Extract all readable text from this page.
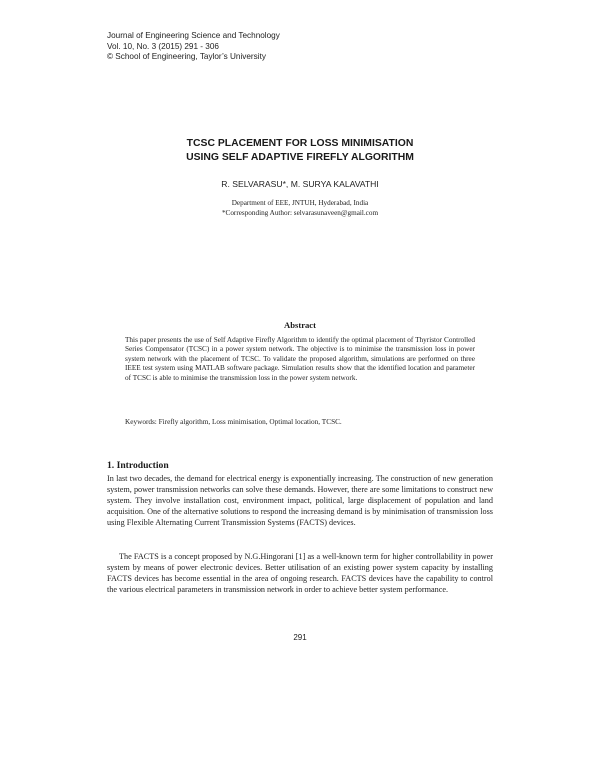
Journal of Engineering Science and Technology
Vol. 10, No. 3 (2015) 291 - 306
© School of Engineering, Taylor’s University
TCSC PLACEMENT FOR LOSS MINIMISATION
USING SELF ADAPTIVE FIREFLY ALGORITHM
R. SELVARASU*, M. SURYA KALAVATHI
Department of EEE, JNTUH, Hyderabad, India
*Corresponding Author: selvarasunaveen@gmail.com
Abstract
This paper presents the use of Self Adaptive Firefly Algorithm to identify the optimal placement of Thyristor Controlled Series Compensator (TCSC) in a power system network. The objective is to minimise the transmission loss in power system network with the placement of TCSC. To validate the proposed algorithm, simulations are performed on three IEEE test system using MATLAB software package. Simulation results show that the identified location and parameter of TCSC is able to minimise the transmission loss in the power system network.
Keywords: Firefly algorithm, Loss minimisation, Optimal location, TCSC.
1. Introduction
In last two decades, the demand for electrical energy is exponentially increasing. The construction of new generation system, power transmission networks can solve these demands. However, there are some limitations to construct new system. They involve installation cost, environment impact, political, large displacement of population and land acquisition. One of the alternative solutions to respond the increasing demand is by minimisation of transmission loss using Flexible Alternating Current Transmission Systems (FACTS) devices.
The FACTS is a concept proposed by N.G.Hingorani [1] as a well-known term for higher controllability in power system by means of power electronic devices. Better utilisation of an existing power system capacity by installing FACTS devices has become essential in the area of ongoing research. FACTS devices have the capability to control the various electrical parameters in transmission network in order to achieve better system performance.
291
